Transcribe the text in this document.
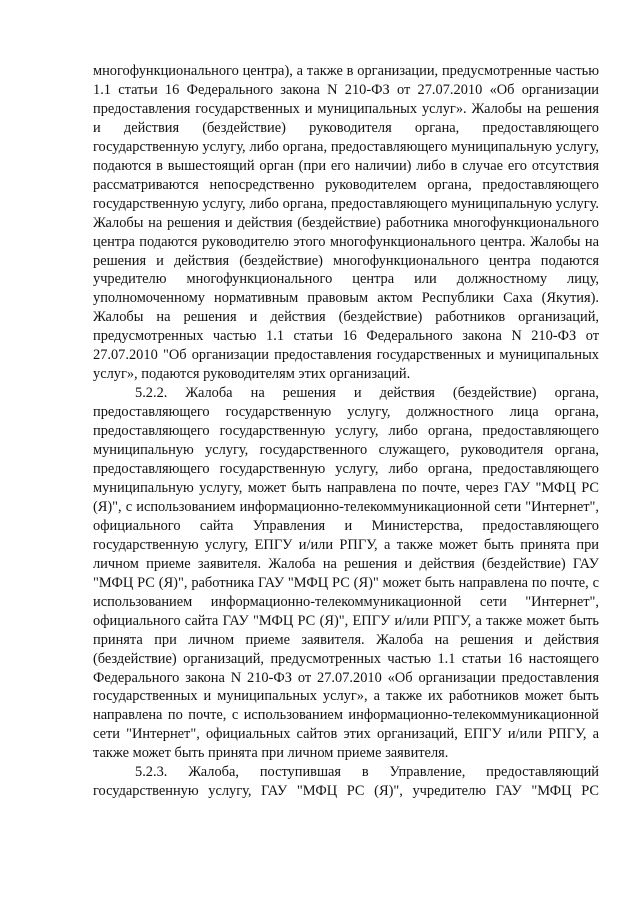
многофункционального центра), а также в организации, предусмотренные частью 1.1 статьи 16 Федерального закона N 210-ФЗ от 27.07.2010 «Об организации предоставления государственных и муниципальных услуг». Жалобы на решения и действия (бездействие) руководителя органа, предоставляющего государственную услугу, либо органа, предоставляющего муниципальную услугу, подаются в вышестоящий орган (при его наличии) либо в случае его отсутствия рассматриваются непосредственно руководителем органа, предоставляющего государственную услугу, либо органа, предоставляющего муниципальную услугу. Жалобы на решения и действия (бездействие) работника многофункционального центра подаются руководителю этого многофункционального центра. Жалобы на решения и действия (бездействие) многофункционального центра подаются учредителю многофункционального центра или должностному лицу, уполномоченному нормативным правовым актом Республики Саха (Якутия). Жалобы на решения и действия (бездействие) работников организаций, предусмотренных частью 1.1 статьи 16 Федерального закона N 210-ФЗ от 27.07.2010 "Об организации предоставления государственных и муниципальных услуг», подаются руководителям этих организаций.

5.2.2. Жалоба на решения и действия (бездействие) органа, предоставляющего государственную услугу, должностного лица органа, предоставляющего государственную услугу, либо органа, предоставляющего муниципальную услугу, государственного служащего, руководителя органа, предоставляющего государственную услугу, либо органа, предоставляющего муниципальную услугу, может быть направлена по почте, через ГАУ "МФЦ РС (Я)", с использованием информационно-телекоммуникационной сети "Интернет", официального сайта Управления и Министерства, предоставляющего государственную услугу, ЕПГУ и/или РПГУ, а также может быть принята при личном приеме заявителя. Жалоба на решения и действия (бездействие) ГАУ "МФЦ РС (Я)", работника ГАУ "МФЦ РС (Я)" может быть направлена по почте, с использованием информационно-телекоммуникационной сети "Интернет", официального сайта ГАУ "МФЦ РС (Я)", ЕПГУ и/или РПГУ, а также может быть принята при личном приеме заявителя. Жалоба на решения и действия (бездействие) организаций, предусмотренных частью 1.1 статьи 16 настоящего Федерального закона N 210-ФЗ от 27.07.2010 «Об организации предоставления государственных и муниципальных услуг», а также их работников может быть направлена по почте, с использованием информационно-телекоммуникационной сети "Интернет", официальных сайтов этих организаций, ЕПГУ и/или РПГУ, а также может быть принята при личном приеме заявителя.

5.2.3. Жалоба, поступившая в Управление, предоставляющий государственную услугу, ГАУ "МФЦ РС (Я)", учредителю ГАУ "МФЦ РС
